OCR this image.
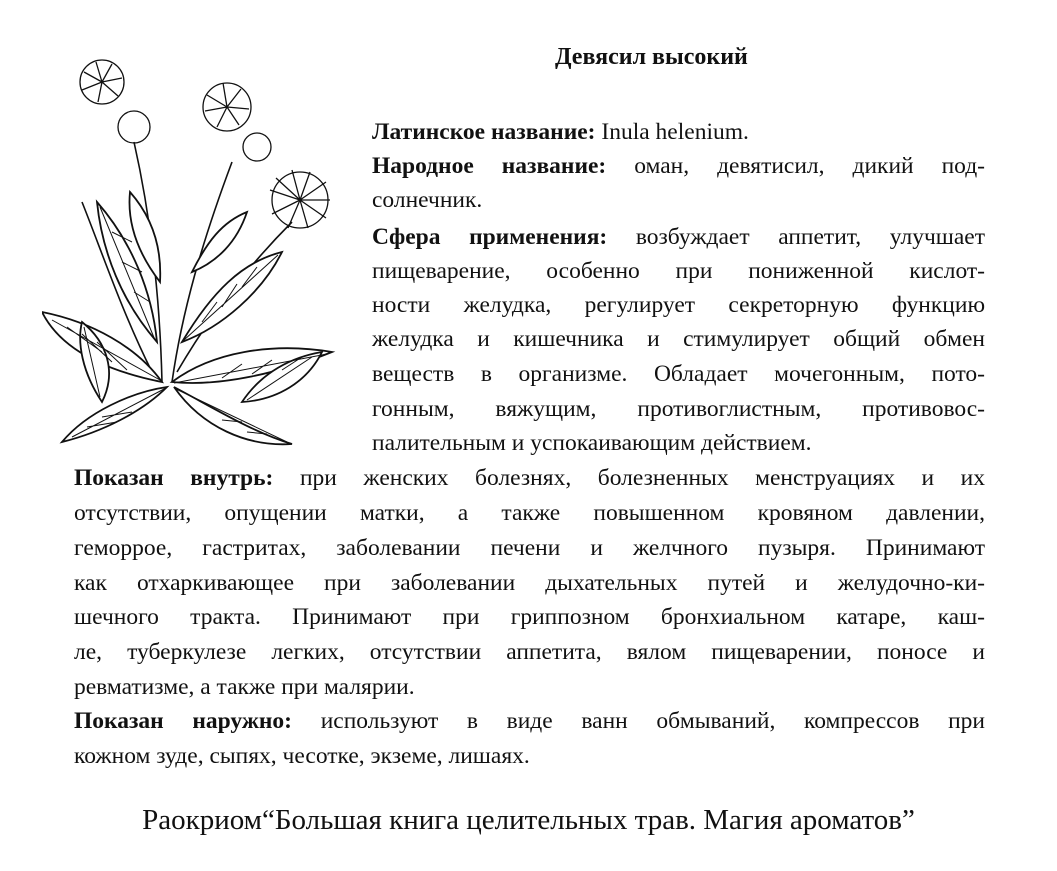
Девясил высокий
Латинское название: Inula helenium.
Народное название: оман, девятисил, дикий под-
солнечник.
Сфера применения: возбуждает аппетит, улучшает
пищеварение, особенно при пониженной кислот-
ности желудка, регулирует секреторную функцию
желудка и кишечника и стимулирует общий обмен
веществ в организме. Обладает мочегонным, пото-
гонным, вяжущим, противоглистным, противовос-
палительным и успокаивающим действием.
Показан внутрь: при женских болезнях, болезненных менструациях и их
отсутствии, опущении матки, а также повышенном кровяном давлении,
геморрое, гастритах, заболевании печени и желчного пузыря. Принимают
как отхаркивающее при заболевании дыхательных путей и желудочно-ки-
шечного тракта. Принимают при гриппозном бронхиальном катаре, каш-
ле, туберкулезе легких, отсутствии аппетита, вялом пищеварении, поносе и
ревматизме, а также при малярии.
Показан наружно: используют в виде ванн обмываний, компрессов при
кожном зуде, сыпях, чесотке, экземе, лишаях.
Раокриом“Большая книга целительных трав. Магия ароматов”
